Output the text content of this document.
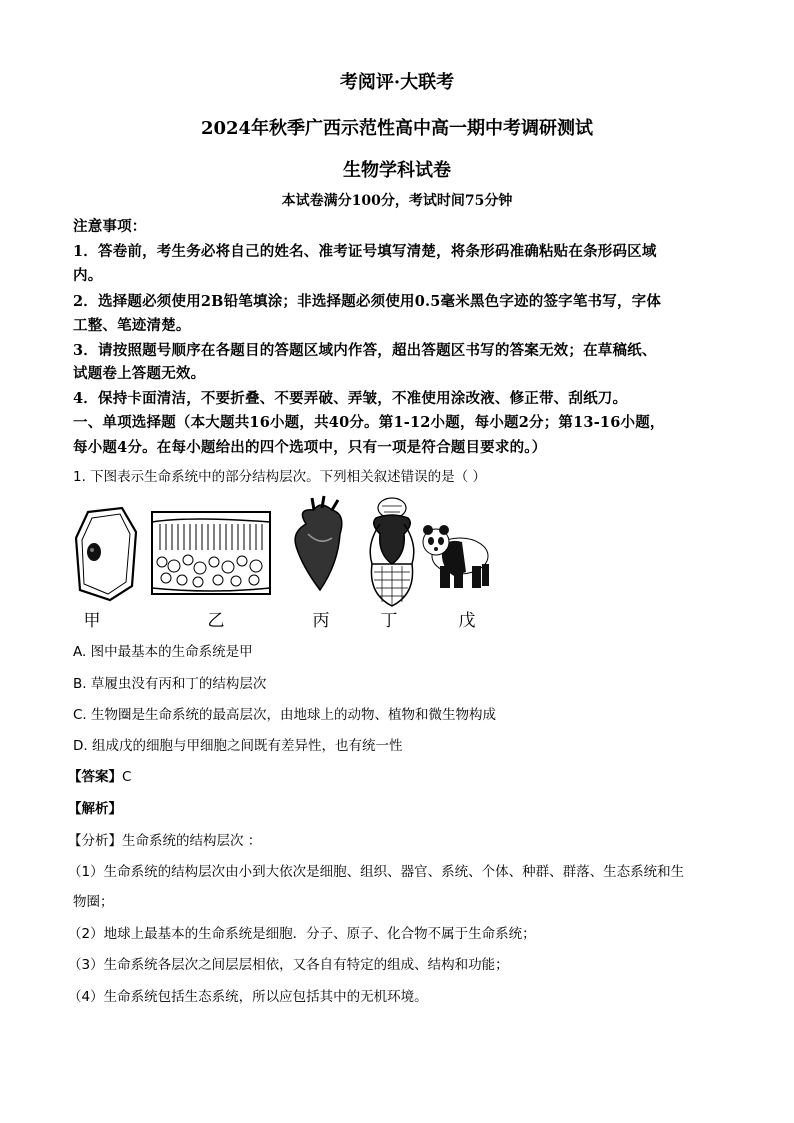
考阅评·大联考
2024年秋季广西示范性高中高一期中考调研测试
生物学科试卷
本试卷满分100分，考试时间75分钟
注意事项：
1．答卷前，考生务必将自己的姓名、准考证号填写清楚，将条形码准确粘贴在条形码区域
内。
2．选择题必须使用2B铅笔填涂；非选择题必须使用0.5毫米黑色字迹的签字笔书写，字体
工整、笔迹清楚。
3．请按照题号顺序在各题目的答题区域内作答，超出答题区书写的答案无效；在草稿纸、
试题卷上答题无效。
4．保持卡面清洁，不要折叠、不要弄破、弄皱，不准使用涂改液、修正带、刮纸刀。
一、单项选择题（本大题共16小题，共40分。第1-12小题，每小题2分；第13-16小题，
每小题4分。在每小题给出的四个选项中，只有一项是符合题目要求的。）
1. 下图表示生命系统中的部分结构层次。下列相关叙述错误的是（ ）
甲	乙	丙	丁	戊
A. 图中最基本的生命系统是甲
B. 草履虫没有丙和丁的结构层次
C. 生物圈是生命系统的最高层次，由地球上的动物、植物和微生物构成
D. 组成戊的细胞与甲细胞之间既有差异性，也有统一性
【答案】C
【解析】
【分析】生命系统的结构层次 ：
（1）生命系统的结构层次由小到大依次是细胞、组织、器官、系统、个体、种群、群落、生态系统和生
物圈；
（2）地球上最基本的生命系统是细胞．分子、原子、化合物不属于生命系统；
（3）生命系统各层次之间层层相依，又各自有特定的组成、结构和功能；
（4）生命系统包括生态系统，所以应包括其中的无机环境。
